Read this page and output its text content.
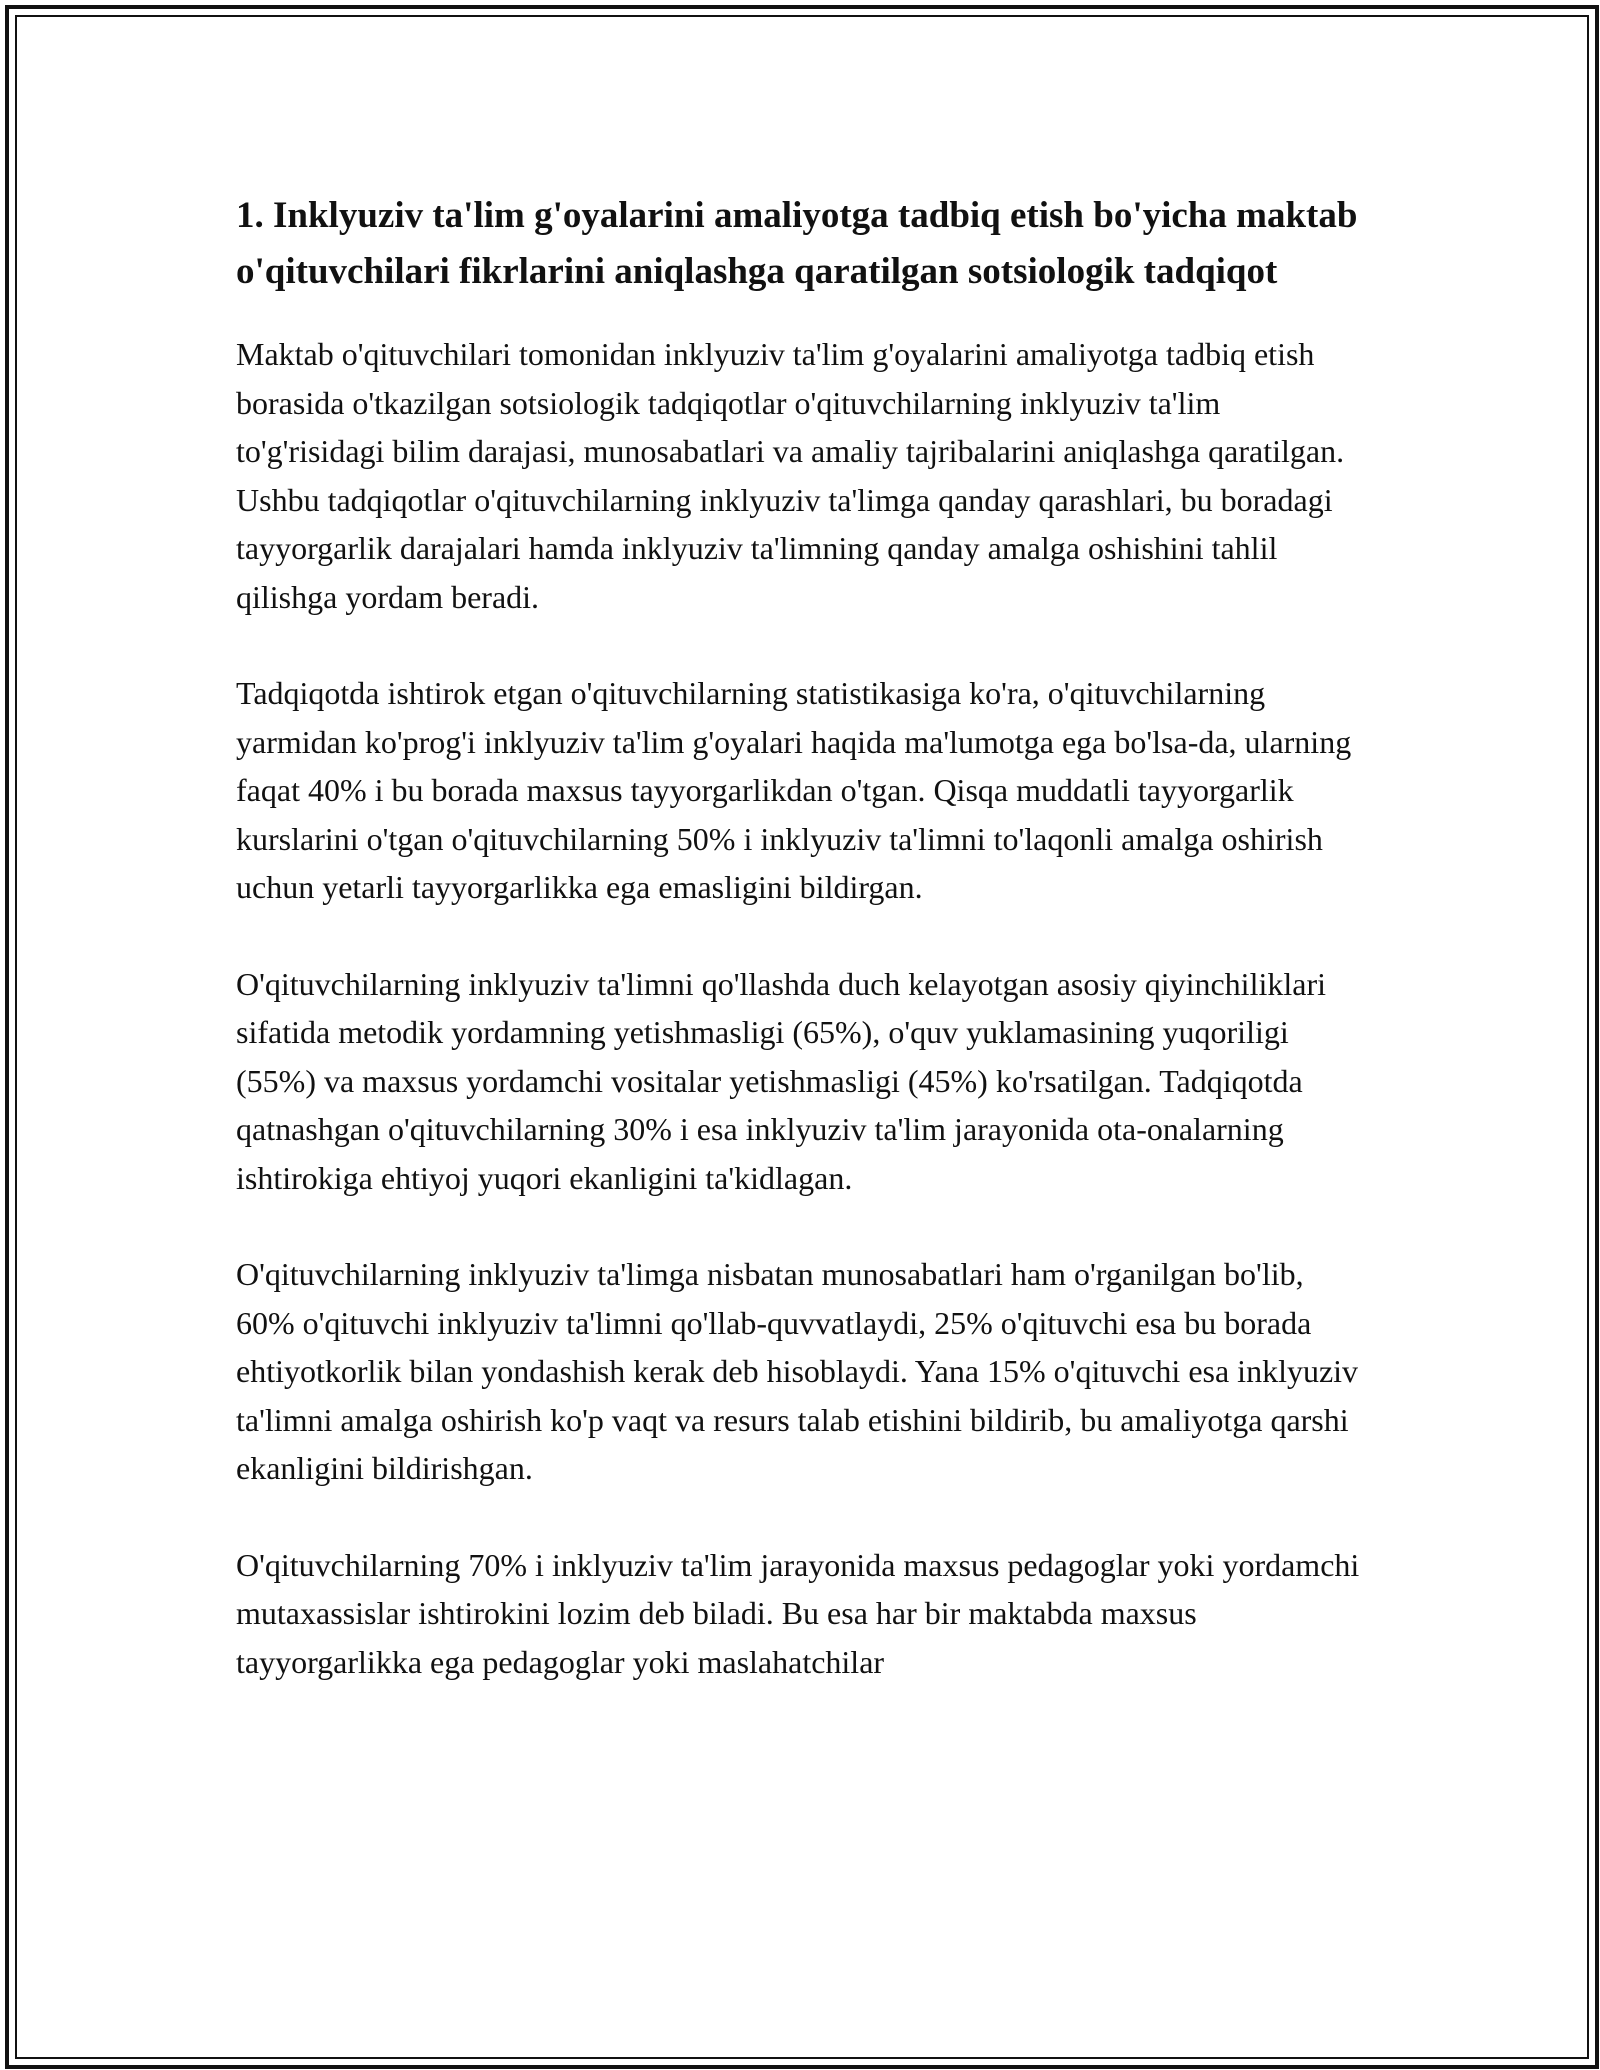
1. Inklyuziv ta'lim g'oyalarini amaliyotga tadbiq etish bo'yicha maktab o'qituvchilari fikrlarini aniqlashga qaratilgan sotsiologik tadqiqot

Maktab o'qituvchilari tomonidan inklyuziv ta'lim g'oyalarini amaliyotga tadbiq etish borasida o'tkazilgan sotsiologik tadqiqotlar o'qituvchilarning inklyuziv ta'lim to'g'risidagi bilim darajasi, munosabatlari va amaliy tajribalarini aniqlashga qaratilgan. Ushbu tadqiqotlar o'qituvchilarning inklyuziv ta'limga qanday qarashlari, bu boradagi tayyorgarlik darajalari hamda inklyuziv ta'limning qanday amalga oshishini tahlil qilishga yordam beradi.

Tadqiqotda ishtirok etgan o'qituvchilarning statistikasiga ko'ra, o'qituvchilarning yarmidan ko'prog'i inklyuziv ta'lim g'oyalari haqida ma'lumotga ega bo'lsa-da, ularning faqat 40% i bu borada maxsus tayyorgarlikdan o'tgan. Qisqa muddatli tayyorgarlik kurslarini o'tgan o'qituvchilarning 50% i inklyuziv ta'limni to'laqonli amalga oshirish uchun yetarli tayyorgarlikka ega emasligini bildirgan.

O'qituvchilarning inklyuziv ta'limni qo'llashda duch kelayotgan asosiy qiyinchiliklari sifatida metodik yordamning yetishmasligi (65%), o'quv yuklamasining yuqoriligi (55%) va maxsus yordamchi vositalar yetishmasligi (45%) ko'rsatilgan. Tadqiqotda qatnashgan o'qituvchilarning 30% i esa inklyuziv ta'lim jarayonida ota-onalarning ishtirokiga ehtiyoj yuqori ekanligini ta'kidlagan.

O'qituvchilarning inklyuziv ta'limga nisbatan munosabatlari ham o'rganilgan bo'lib, 60% o'qituvchi inklyuziv ta'limni qo'llab-quvvatlaydi, 25% o'qituvchi esa bu borada ehtiyotkorlik bilan yondashish kerak deb hisoblaydi. Yana 15% o'qituvchi esa inklyuziv ta'limni amalga oshirish ko'p vaqt va resurs talab etishini bildirib, bu amaliyotga qarshi ekanligini bildirishgan.

O'qituvchilarning 70% i inklyuziv ta'lim jarayonida maxsus pedagoglar yoki yordamchi mutaxassislar ishtirokini lozim deb biladi. Bu esa har bir maktabda maxsus tayyorgarlikka ega pedagoglar yoki maslahatchilar
